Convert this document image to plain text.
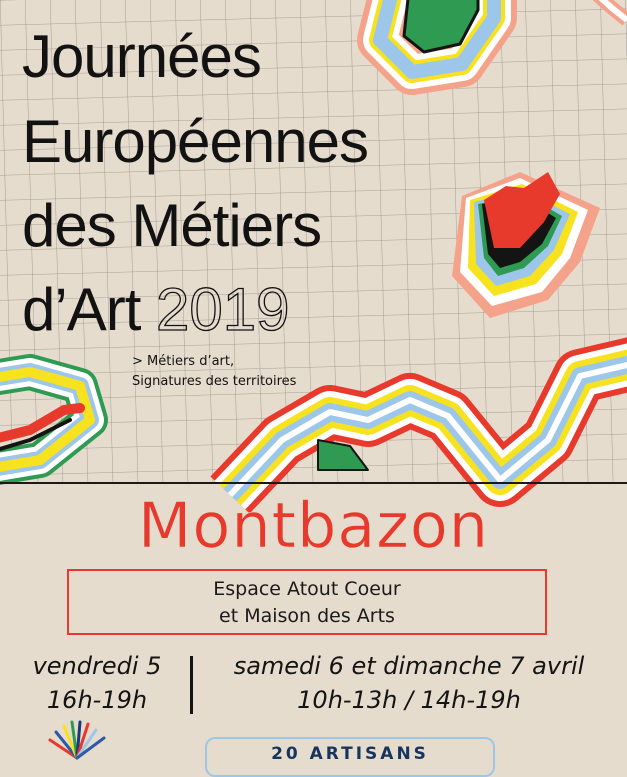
Journées
Européennes
des Métiers
d’Art 2019
> Métiers d’art,
Signatures des territoires
Montbazon
Espace Atout Coeur
et Maison des Arts
vendredi 5
16h-19h
samedi 6 et dimanche 7 avril
10h-13h / 14h-19h
20 ARTISANS
